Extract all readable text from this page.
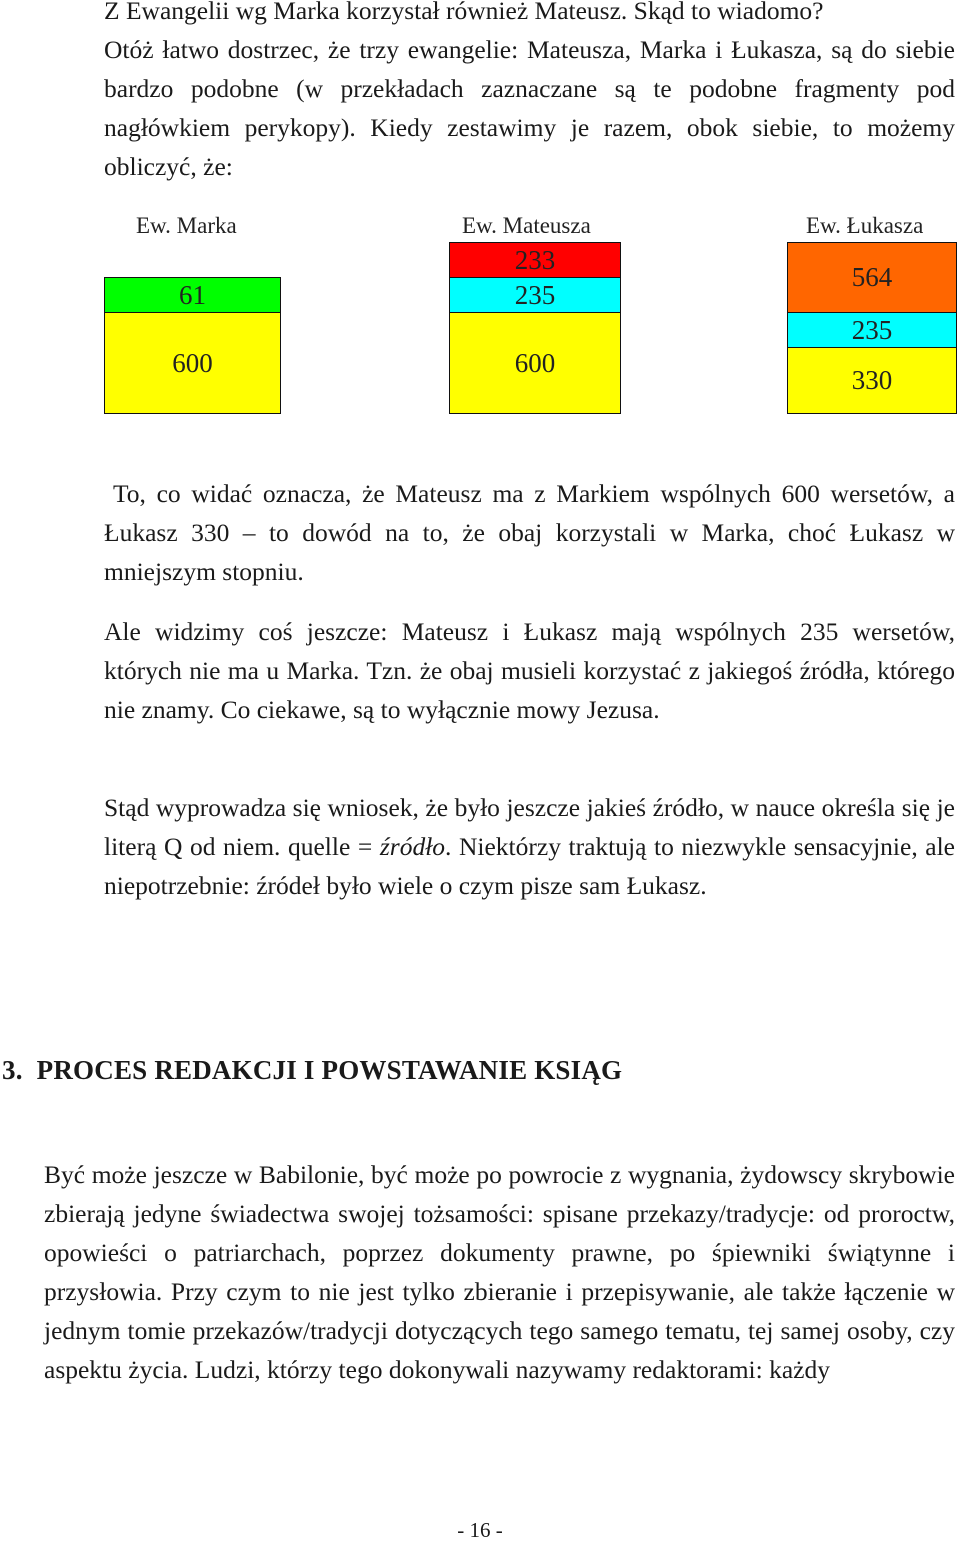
Z Ewangelii wg Marka korzystał również Mateusz. Skąd to wiadomo?
Otóż łatwo dostrzec, że trzy ewangelie: Mateusza, Marka i Łukasza, są do siebie bardzo podobne (w przekładach zaznaczane są te podobne fragmenty pod nagłówkiem perykopy). Kiedy zestawimy je razem, obok siebie, to możemy obliczyć, że:
Ew. Marka	Ew. Mateusza	Ew. Łukasza
61
600
233
235
600
564
235
330

To, co widać oznacza, że Mateusz ma z Markiem wspólnych 600 wersetów, a Łukasz 330 – to dowód na to, że obaj korzystali w Marka, choć Łukasz w mniejszym stopniu.

Ale widzimy coś jeszcze: Mateusz i Łukasz mają wspólnych 235 wersetów, których nie ma u Marka. Tzn. że obaj musieli korzystać z jakiegoś źródła, którego nie znamy. Co ciekawe, są to wyłącznie mowy Jezusa.

Stąd wyprowadza się wniosek, że było jeszcze jakieś źródło, w nauce określa się je literą Q od niem. quelle = źródło. Niektórzy traktują to niezwykle sensacyjnie, ale niepotrzebnie: źródeł było wiele o czym pisze sam Łukasz.

3. PROCES REDAKCJI I POWSTAWANIE KSIĄG

Być może jeszcze w Babilonie, być może po powrocie z wygnania, żydowscy skrybowie zbierają jedyne świadectwa swojej tożsamości: spisane przekazy/tradycje: od proroctw, opowieści o patriarchach, poprzez dokumenty prawne, po śpiewniki świątynne i przysłowia. Przy czym to nie jest tylko zbieranie i przepisywanie, ale także łączenie w jednym tomie przekazów/tradycji dotyczących tego samego tematu, tej samej osoby, czy aspektu życia. Ludzi, którzy tego dokonywali nazywamy redaktorami: każdy

- 16 -
